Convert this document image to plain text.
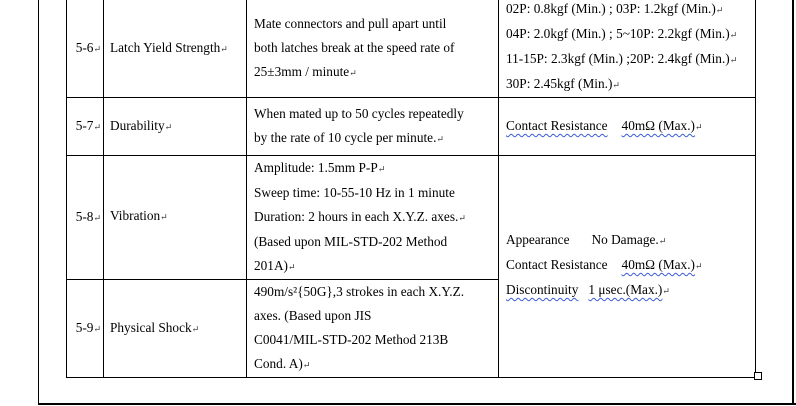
5-6↵	Latch Yield Strength↵	Mate connectors and pull apart until
both latches break at the speed rate of
25±3mm / minute↵	02P: 0.8kgf (Min.) ; 03P: 1.2kgf (Min.)↵
04P: 2.0kgf (Min.) ; 5~10P: 2.2kgf (Min.)↵
11-15P: 2.3kgf (Min.) ;20P: 2.4kgf (Min.)↵
30P: 2.45kgf (Min.)↵

5-7↵	Durability↵	When mated up to 50 cycles repeatedly
by the rate of 10 cycle per minute.↵	Contact Resistance 40mΩ (Max.)↵

5-8↵	Vibration↵	Amplitude: 1.5mm P-P↵
Sweep time: 10-55-10 Hz in 1 minute
Duration: 2 hours in each X.Y.Z. axes.↵
(Based upon MIL-STD-202 Method
201A)↵	Appearance No Damage.↵
Contact Resistance 40mΩ (Max.)↵
Discontinuity 1 μsec.(Max.)↵

5-9↵	Physical Shock↵	490m/s²{50G},3 strokes in each X.Y.Z.
axes. (Based upon JIS
C0041/MIL-STD-202 Method 213B
Cond. A)↵	
